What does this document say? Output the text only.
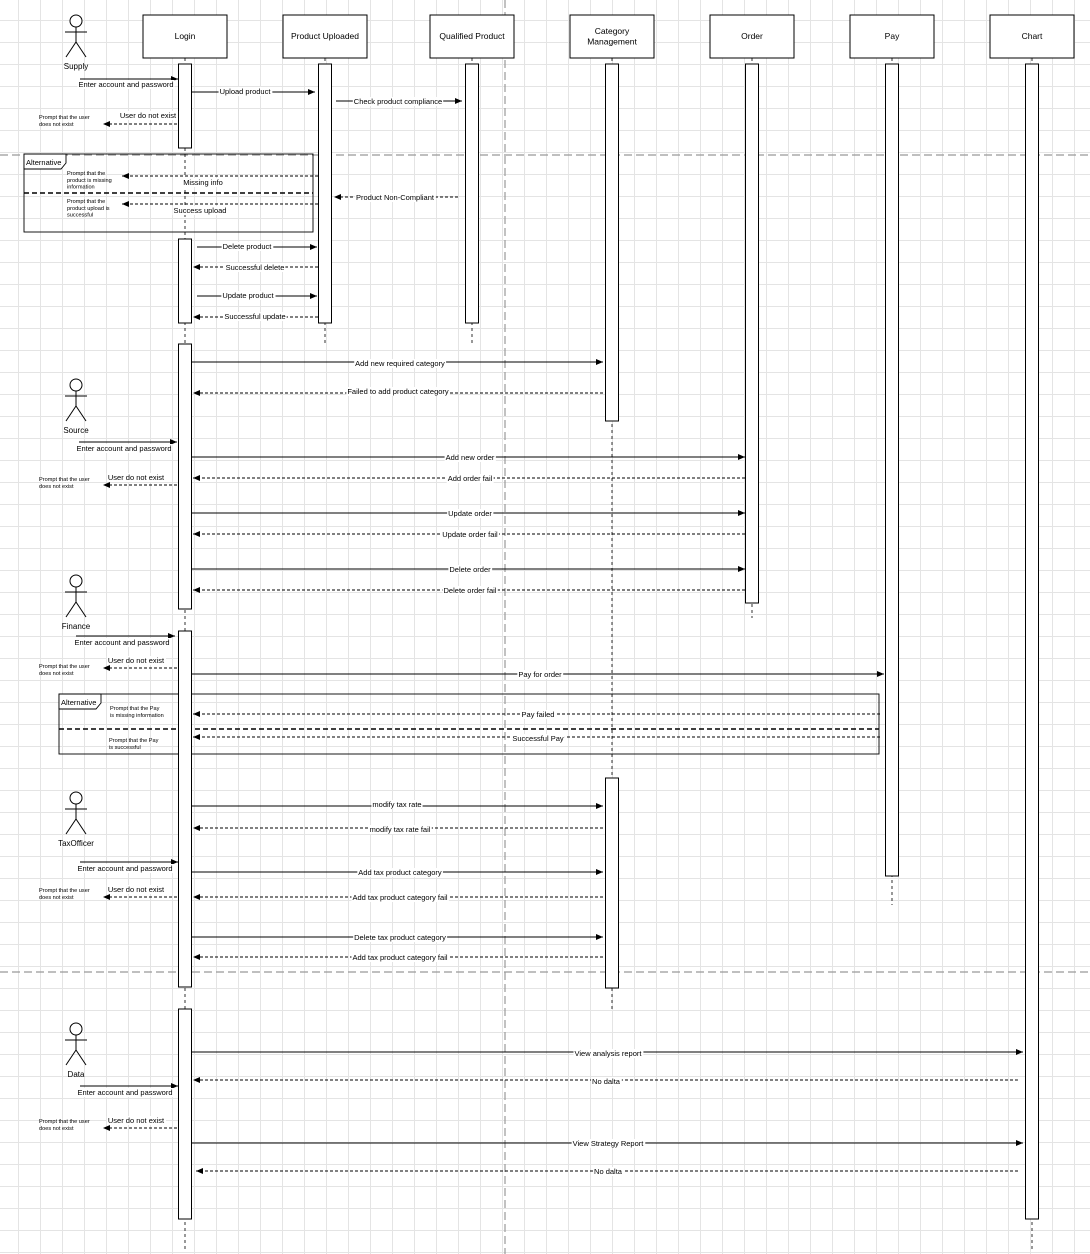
Alternative
Alternative
Login	Product Uploaded	Qualified Product	Category Management
Order	Pay	Chart
Supply
Source
Finance
TaxOfficer
Data
Enter account and password
Upload product
Check product compliance
User do not exist
Missing info
Product Non-Compliant
Success upload
Delete product
Successful delete
Update product
Successful update
Add new required category
Failed to add product category
Enter account and password
Add new order
User do not exist	Add order fail
Update order
Update order fail
Delete order
Delete order fail
Enter account and password
User do not exist
Pay for order
Pay failed
Successful Pay
modify tax rate
modify tax rate fail
Enter account and password	Add tax product category
User do not exist
Add tax product category fail
Delete tax product category
Add tax product category fail
View analysis report
No dalta
Enter account and password
User do not exist
View Strategy Report
No dalta
Prompt that the user does not exist
Prompt that the product is missing information
Prompt that the product upload is successful
Prompt that the user does not exist
Prompt that the user does not exist
Prompt that the Pay is missing information
Prompt that the Pay is successful
Prompt that the user does not exist
Prompt that the user does not exist
